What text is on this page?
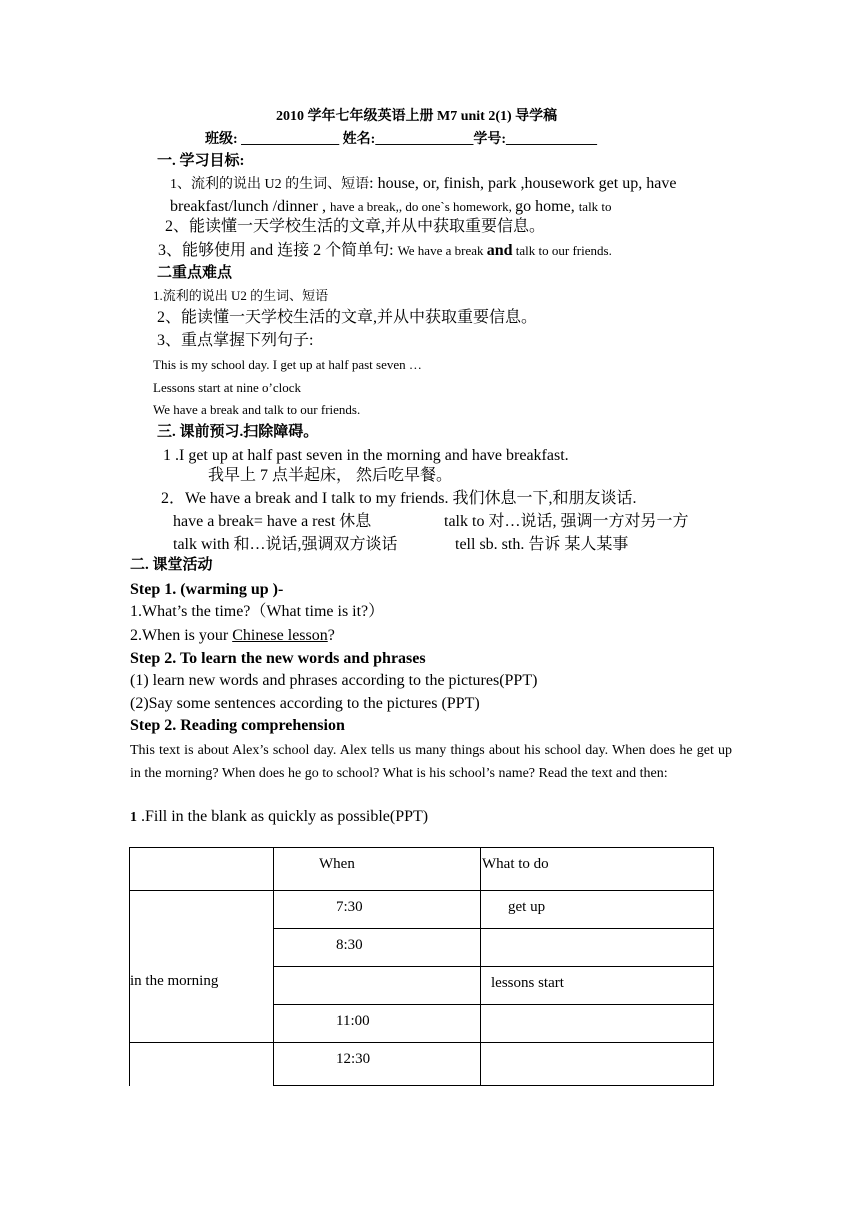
2010 学年七年级英语上册 M7 unit 2(1) 导学稿
班级: ______________ 姓名:______________学号:_____________
一. 学习目标:
1、流利的说出 U2 的生词、短语: house, or, finish, park ,housework get up, have
breakfast/lunch /dinner , have a break,, do one`s homework, go home, talk to
2、能读懂一天学校生活的文章,并从中获取重要信息。
3、能够使用 and 连接 2 个简单句: We have a break and talk to our friends.
二重点难点
1.流利的说出 U2 的生词、短语
2、能读懂一天学校生活的文章,并从中获取重要信息。
3、重点掌握下列句子:
This is my school day. I get up at half past seven …
Lessons start at nine o’clock
We have a break and talk to our friends.
三. 课前预习.扫除障碍。
1 .I get up at half past seven in the morning and have breakfast.
我早上 7 点半起床， 然后吃早餐。
2．We have a break and I talk to my friends. 我们休息一下,和朋友谈话.
have a break= have a rest 休息	talk to 对…说话, 强调一方对另一方
talk with 和…说话,强调双方谈话	tell sb. sth. 告诉 某人某事
二. 课堂活动
Step 1. (warming up )-
1.What’s the time?（What time is it?）
2.When is your Chinese lesson?
Step 2. To learn the new words and phrases
(1) learn new words and phrases according to the pictures(PPT)
(2)Say some sentences according to the pictures (PPT)
Step 2. Reading comprehension
This text is about Alex’s school day. Alex tells us many things about his school day. When does he get up in the morning? When does he go to school? What is his school’s name? Read the text and then:
1 .Fill in the blank as quickly as possible(PPT)

	When	What to do

in the morning	7:30	get up

	8:30	

		lessons start

	11:00	

	12:30	
